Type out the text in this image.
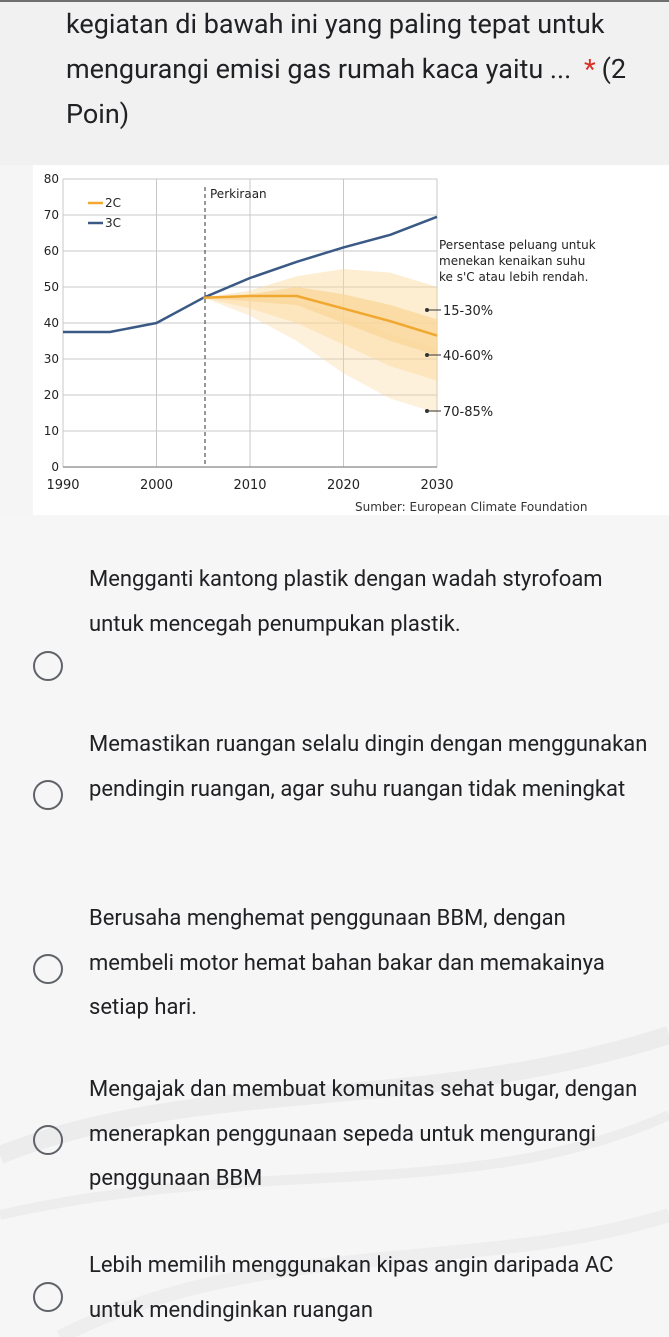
kegiatan di bawah ini yang paling tepat untuk mengurangi emisi gas rumah kaca yaitu ... * (2 Poin)
0
10
20
30
40
50
60
70
80
1990	2000	2010	2020	2030
2C
3C
Perkiraan
Persentase peluang untuk menekan kenaikan suhu ke s'C atau lebih rendah.
15-30%
40-60%
70-85%
Sumber: European Climate Foundation
Mengganti kantong plastik dengan wadah styrofoam untuk mencegah penumpukan plastik.
Memastikan ruangan selalu dingin dengan menggunakan pendingin ruangan, agar suhu ruangan tidak meningkat
Berusaha menghemat penggunaan BBM, dengan membeli motor hemat bahan bakar dan memakainya setiap hari.
Mengajak dan membuat komunitas sehat bugar, dengan menerapkan penggunaan sepeda untuk mengurangi penggunaan BBM
Lebih memilih menggunakan kipas angin daripada AC untuk mendinginkan ruangan
